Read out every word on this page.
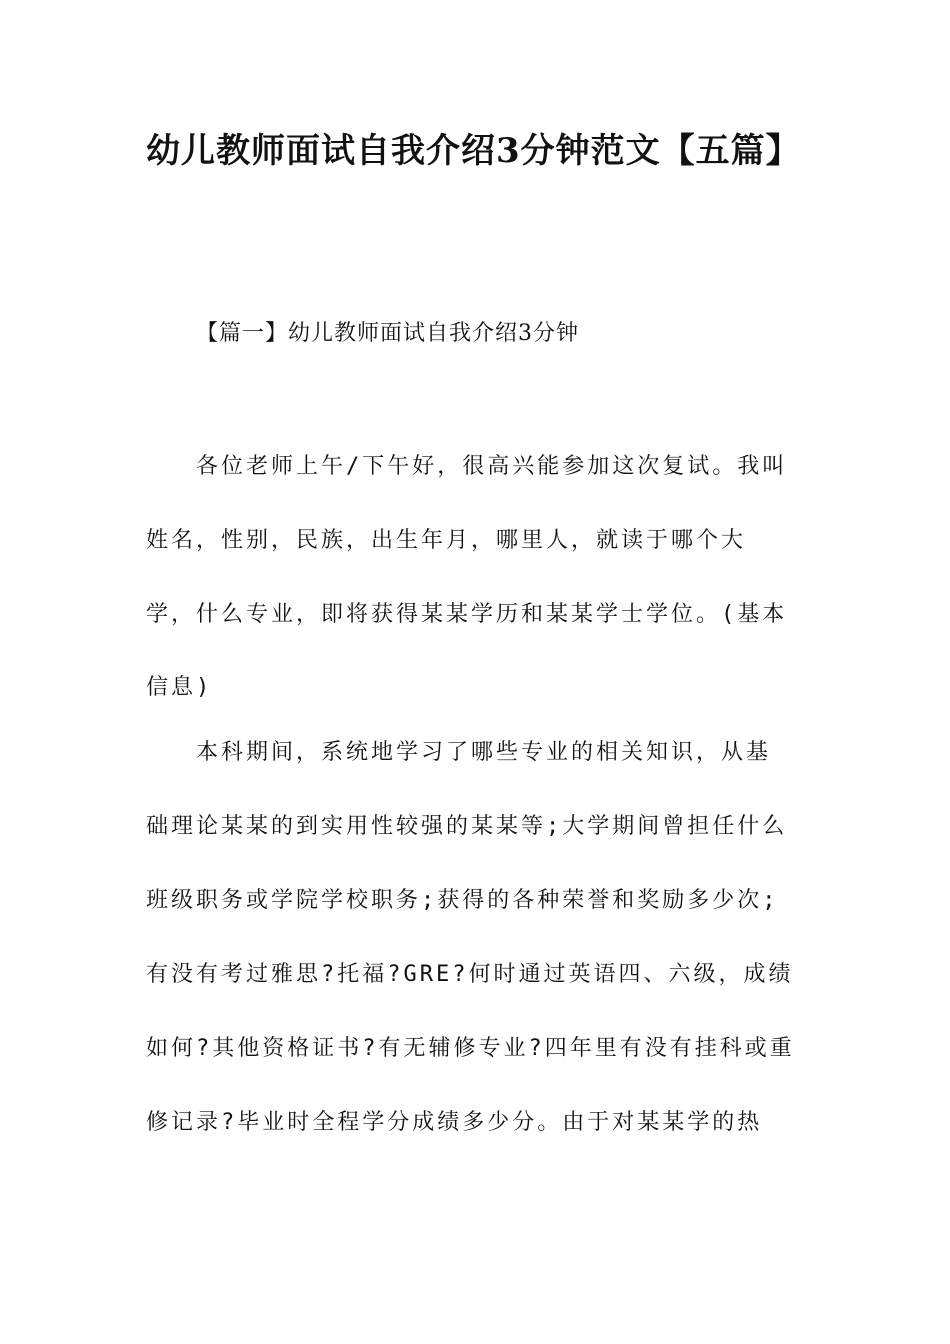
幼儿教师面试自我介绍3分钟范文【五篇】
【篇一】幼儿教师面试自我介绍3分钟
各位老师上午/下午好，很高兴能参加这次复试。我叫
姓名，性别，民族，出生年月，哪里人，就读于哪个大
学，什么专业，即将获得某某学历和某某学士学位。(基本
信息)
本科期间，系统地学习了哪些专业的相关知识，从基
础理论某某的到实用性较强的某某等;大学期间曾担任什么
班级职务或学院学校职务;获得的各种荣誉和奖励多少次;
有没有考过雅思?托福?GRE?何时通过英语四、六级，成绩
如何?其他资格证书?有无辅修专业?四年里有没有挂科或重
修记录?毕业时全程学分成绩多少分。由于对某某学的热
